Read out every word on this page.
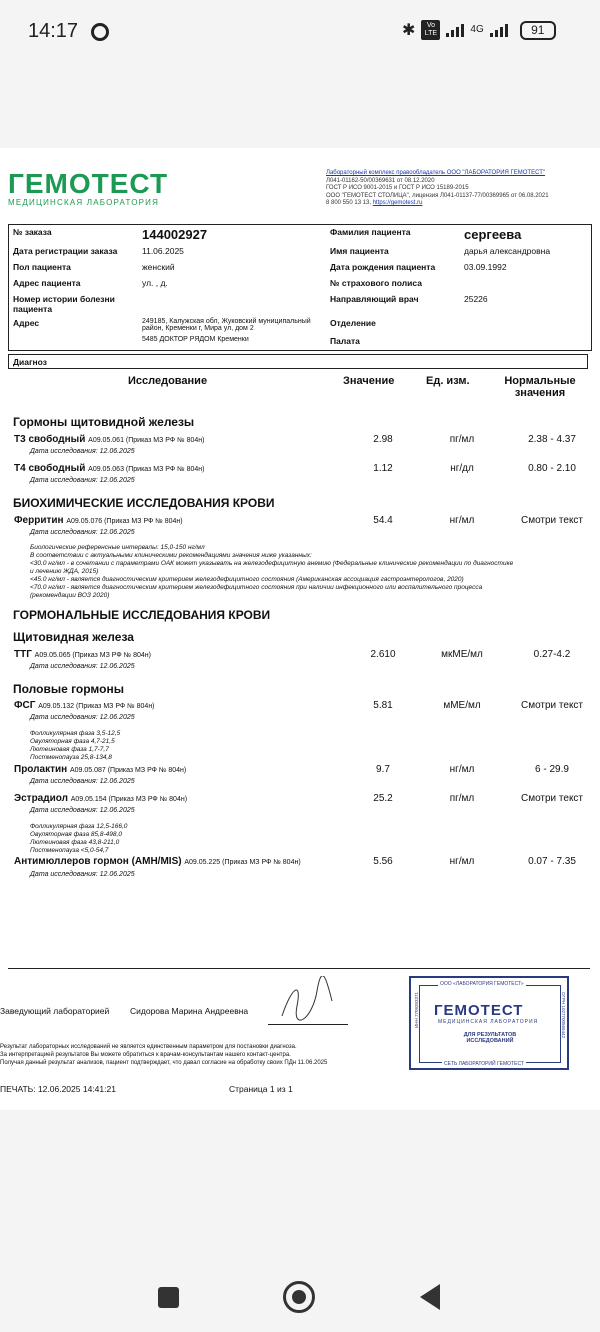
14:17	✱	Vo LTE	4G	91
ГЕМОТЕСТ
МЕДИЦИНСКАЯ ЛАБОРАТОРИЯ
Лабораторный комплекс правообладатель ООО "ЛАБОРАТОРИЯ ГЕМОТЕСТ"
Л041-01162-50/00369631 от 08.12.2020
ГОСТ Р ИСО 9001-2015 и ГОСТ Р ИСО 15189-2015
ООО "ГЕМОТЕСТ СТОЛИЦА", лицензия Л041-01137-77/00369965 от 06.08.2021
8 800 550 13 13, https://gemotest.ru
№ заказа	144002927	Фамилия пациента	сергеева
Дата регистрации заказа	11.06.2025	Имя пациента	дарья александровна
Пол пациента	женский	Дата рождения пациента	03.09.1992
Адрес пациента	ул. , д.	№ страхового полиса	
Номер истории болезни пациента		Направляющий врач	25226
Адрес	249185, Калужская обл, Жуковский муниципальный район, Кременки г, Мира ул, дом 2	Отделение	
	5485 ДОКТОР РЯДОМ Кременки	Палата	
Диагноз
Исследование	Значение	Ед. изм.	Нормальные
значения
Гормоны щитовидной железы
Т3 свободный A09.05.061 (Приказ МЗ РФ № 804н)	2.98	пг/мл	2.38 - 4.37
Дата исследования: 12.06.2025
Т4 свободный A09.05.063 (Приказ МЗ РФ № 804н)	1.12	нг/дл	0.80 - 2.10
Дата исследования: 12.06.2025
БИОХИМИЧЕСКИЕ ИССЛЕДОВАНИЯ КРОВИ
Ферритин A09.05.076 (Приказ МЗ РФ № 804н)	54.4	нг/мл	Смотри текст
Дата исследования: 12.06.2025
Биологические референсные интервалы: 15,0-150 нг/мл
В соответствии с актуальными клиническими рекомендациями значения ниже указанных:
<30.0 нг/мл - в сочетании с параметрами ОАК может указывать на железодефицитную анемию (Федеральные клинические рекомендации по диагностике
и лечению ЖДА, 2015)
<45.0 нг/мл - является диагностическим критерием железодефицитного состояния (Американская ассоциация гастроэнтерологов, 2020)
<70.0 нг/мл - является диагностическим критерием железодефицитного состояния при наличии инфекционного или воспалительного процесса
(рекомендации ВОЗ 2020)
ГОРМОНАЛЬНЫЕ ИССЛЕДОВАНИЯ КРОВИ
Щитовидная железа
ТТГ A09.05.065 (Приказ МЗ РФ № 804н)	2.610	мкМЕ/мл	0.27-4.2
Дата исследования: 12.06.2025
Половые гормоны
ФСГ A09.05.132 (Приказ МЗ РФ № 804н)	5.81	мМЕ/мл	Смотри текст
Дата исследования: 12.06.2025
Фолликулярная фаза 3,5-12,5
Овуляторная фаза 4,7-21,5
Лютеиновая фаза 1,7-7,7
Постменопауза 25,8-134,8
Пролактин A09.05.087 (Приказ МЗ РФ № 804н)	9.7	нг/мл	6 - 29.9
Дата исследования: 12.06.2025
Эстрадиол A09.05.154 (Приказ МЗ РФ № 804н)	25.2	пг/мл	Смотри текст
Дата исследования: 12.06.2025
Фолликулярная фаза 12,5-166,0
Овуляторная фаза 85,8-498,0
Лютеиновая фаза 43,8-211,0
Постменопауза <5,0-54,7
Антимюллеров гормон (АМН/MIS) A09.05.225 (Приказ МЗ РФ № 804н)	5.56	нг/мл	0.07 - 7.35
Дата исследования: 12.06.2025
Заведующий лабораторией Сидорова Марина Андреевна
Результат лабораторных исследований не является единственным параметром для постановки диагноза.
За интерпретацией результатов Вы можете обратиться к врачам-консультантам нашего контакт-центра.
Получая данный результат анализов, пациент подтверждает, что давал согласие на обработку своих ПДн 11.06.2025
ПЕЧАТЬ: 12.06.2025 14:41:21	Страница 1 из 1
ООО «ЛАБОРАТОРИЯ ГЕМОТЕСТ»
ГЕМОТЕСТ
МЕДИЦИНСКАЯ ЛАБОРАТОРИЯ
ДЛЯ РЕЗУЛЬТАТОВ
ИССЛЕДОВАНИЙ
СЕТЬ ЛАБОРАТОРИЙ ГЕМОТЕСТ
ИНН 7709393371	ОГРН 1027700565442
